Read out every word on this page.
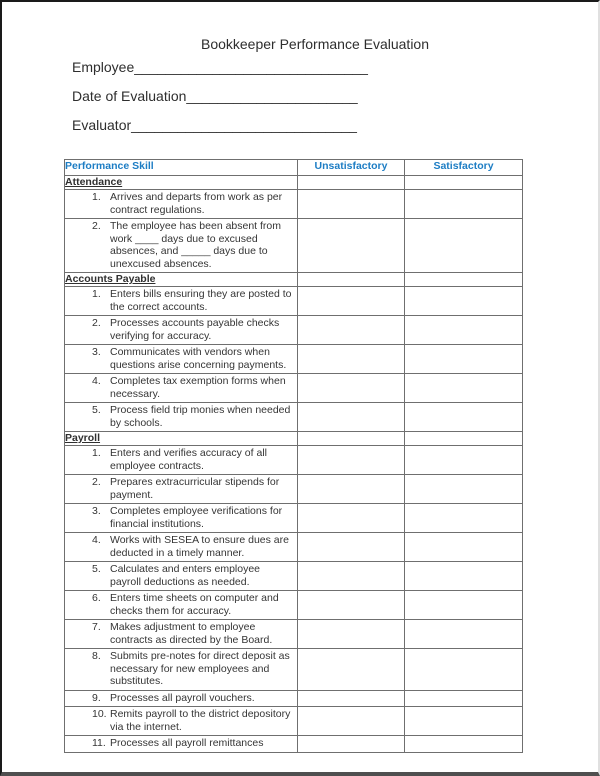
Bookkeeper Performance Evaluation
Employee______________________________
Date of Evaluation______________________
Evaluator_____________________________
Performance Skill	Unsatisfactory	Satisfactory
Attendance		

1. Arrives and departs from work as per contract regulations.		

2. The employee has been absent from work ____ days due to excused absences, and _____ days due to unexcused absences.		

Accounts Payable		

1. Enters bills ensuring they are posted to the correct accounts.		

2. Processes accounts payable checks verifying for accuracy.		

3. Communicates with vendors when questions arise concerning payments.		

4. Completes tax exemption forms when necessary.		

5. Process field trip monies when needed by schools.		

Payroll		

1. Enters and verifies accuracy of all employee contracts.		

2. Prepares extracurricular stipends for payment.		

3. Completes employee verifications for financial institutions.		

4. Works with SESEA to ensure dues are deducted in a timely manner.		

5. Calculates and enters employee payroll deductions as needed.		

6. Enters time sheets on computer and checks them for accuracy.		

7. Makes adjustment to employee contracts as directed by the Board.		

8. Submits pre-notes for direct deposit as necessary for new employees and substitutes.		

9. Processes all payroll vouchers.		

10. Remits payroll to the district depository via the internet.		

11. Processes all payroll remittances		
